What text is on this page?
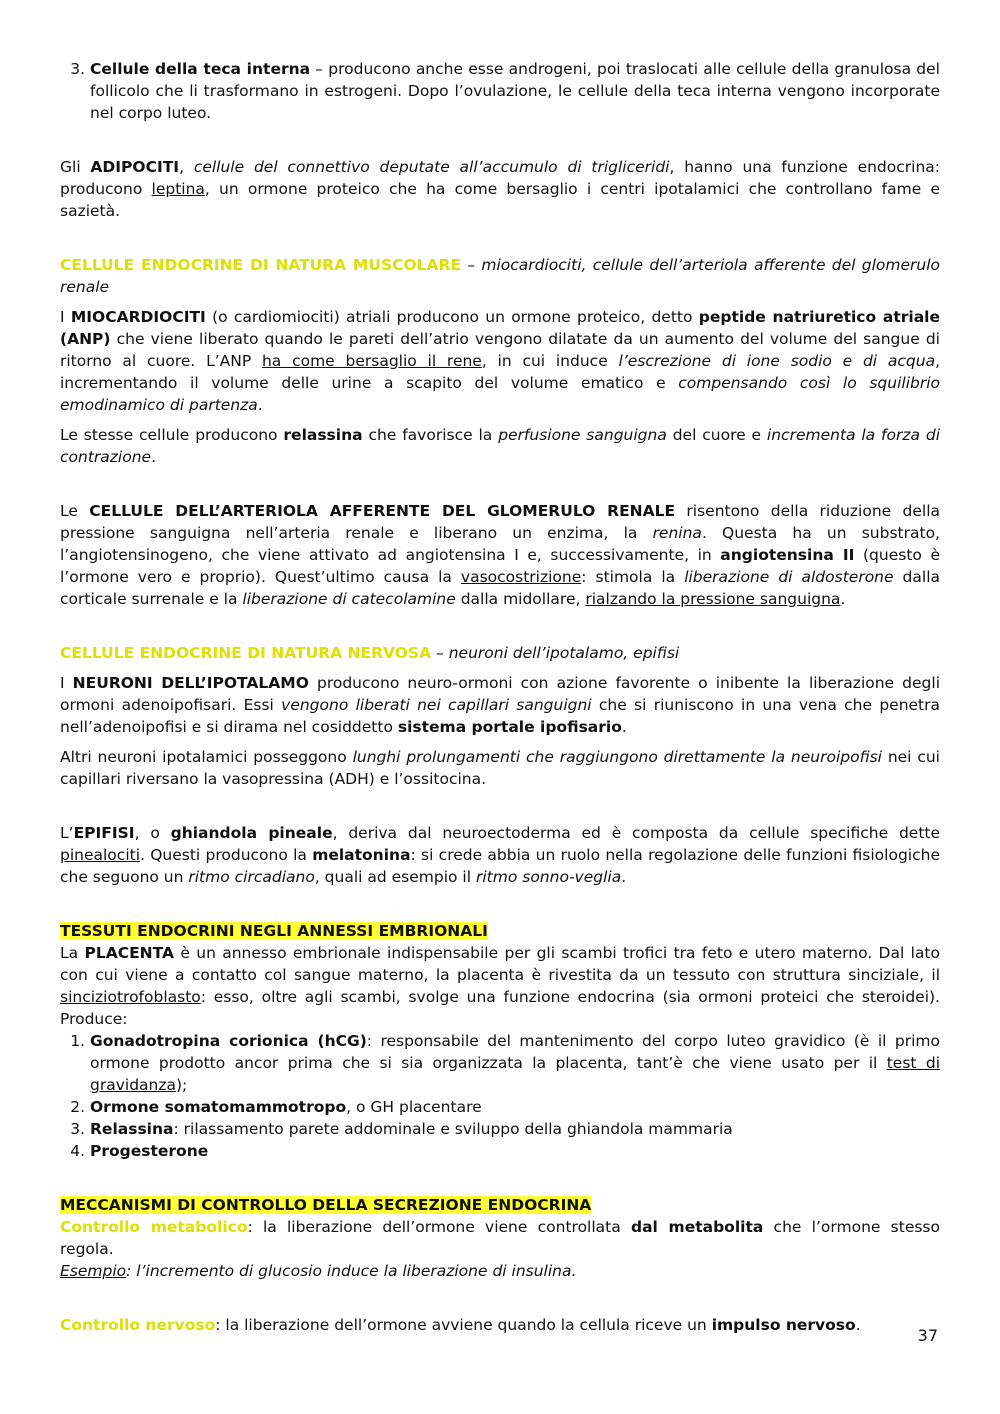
3. Cellule della teca interna – producono anche esse androgeni, poi traslocati alle cellule della granulosa del follicolo che li trasformano in estrogeni. Dopo l’ovulazione, le cellule della teca interna vengono incorporate nel corpo luteo.

Gli ADIPOCITI, cellule del connettivo deputate all’accumulo di trigliceridi, hanno una funzione endocrina: producono leptina, un ormone proteico che ha come bersaglio i centri ipotalamici che controllano fame e sazietà.

CELLULE ENDOCRINE DI NATURA MUSCOLARE – miocardiociti, cellule dell’arteriola afferente del glomerulo renale

I MIOCARDIOCITI (o cardiomiociti) atriali producono un ormone proteico, detto peptide natriuretico atriale (ANP) che viene liberato quando le pareti dell’atrio vengono dilatate da un aumento del volume del sangue di ritorno al cuore. L’ANP ha come bersaglio il rene, in cui induce l’escrezione di ione sodio e di acqua, incrementando il volume delle urine a scapito del volume ematico e compensando così lo squilibrio emodinamico di partenza.

Le stesse cellule producono relassina che favorisce la perfusione sanguigna del cuore e incrementa la forza di contrazione.

Le CELLULE DELL’ARTERIOLA AFFERENTE DEL GLOMERULO RENALE risentono della riduzione della pressione sanguigna nell’arteria renale e liberano un enzima, la renina. Questa ha un substrato, l’angiotensinogeno, che viene attivato ad angiotensina I e, successivamente, in angiotensina II (questo è l’ormone vero e proprio). Quest’ultimo causa la vasocostrizione: stimola la liberazione di aldosterone dalla corticale surrenale e la liberazione di catecolamine dalla midollare, rialzando la pressione sanguigna.

CELLULE ENDOCRINE DI NATURA NERVOSA – neuroni dell’ipotalamo, epifisi

I NEURONI DELL’IPOTALAMO producono neuro-ormoni con azione favorente o inibente la liberazione degli ormoni adenoipofisari. Essi vengono liberati nei capillari sanguigni che si riuniscono in una vena che penetra nell’adenoipofisi e si dirama nel cosiddetto sistema portale ipofisario.

Altri neuroni ipotalamici posseggono lunghi prolungamenti che raggiungono direttamente la neuroipofisi nei cui capillari riversano la vasopressina (ADH) e l’ossitocina.

L’EPIFISI, o ghiandola pineale, deriva dal neuroectoderma ed è composta da cellule specifiche dette pinealociti. Questi producono la melatonina: si crede abbia un ruolo nella regolazione delle funzioni fisiologiche che seguono un ritmo circadiano, quali ad esempio il ritmo sonno-veglia.

TESSUTI ENDOCRINI NEGLI ANNESSI EMBRIONALI

La PLACENTA è un annesso embrionale indispensabile per gli scambi trofici tra feto e utero materno. Dal lato con cui viene a contatto col sangue materno, la placenta è rivestita da un tessuto con struttura sinciziale, il sinciziotrofoblasto: esso, oltre agli scambi, svolge una funzione endocrina (sia ormoni proteici che steroidei). Produce:

1. Gonadotropina corionica (hCG): responsabile del mantenimento del corpo luteo gravidico (è il primo ormone prodotto ancor prima che si sia organizzata la placenta, tant’è che viene usato per il test di gravidanza);
2. Ormone somatomammotropo, o GH placentare
3. Relassina: rilassamento parete addominale e sviluppo della ghiandola mammaria
4. Progesterone

MECCANISMI DI CONTROLLO DELLA SECREZIONE ENDOCRINA

Controllo metabolico: la liberazione dell’ormone viene controllata dal metabolita che l’ormone stesso regola.

Esempio: l’incremento di glucosio induce la liberazione di insulina.

Controllo nervoso: la liberazione dell’ormone avviene quando la cellula riceve un impulso nervoso.

37
